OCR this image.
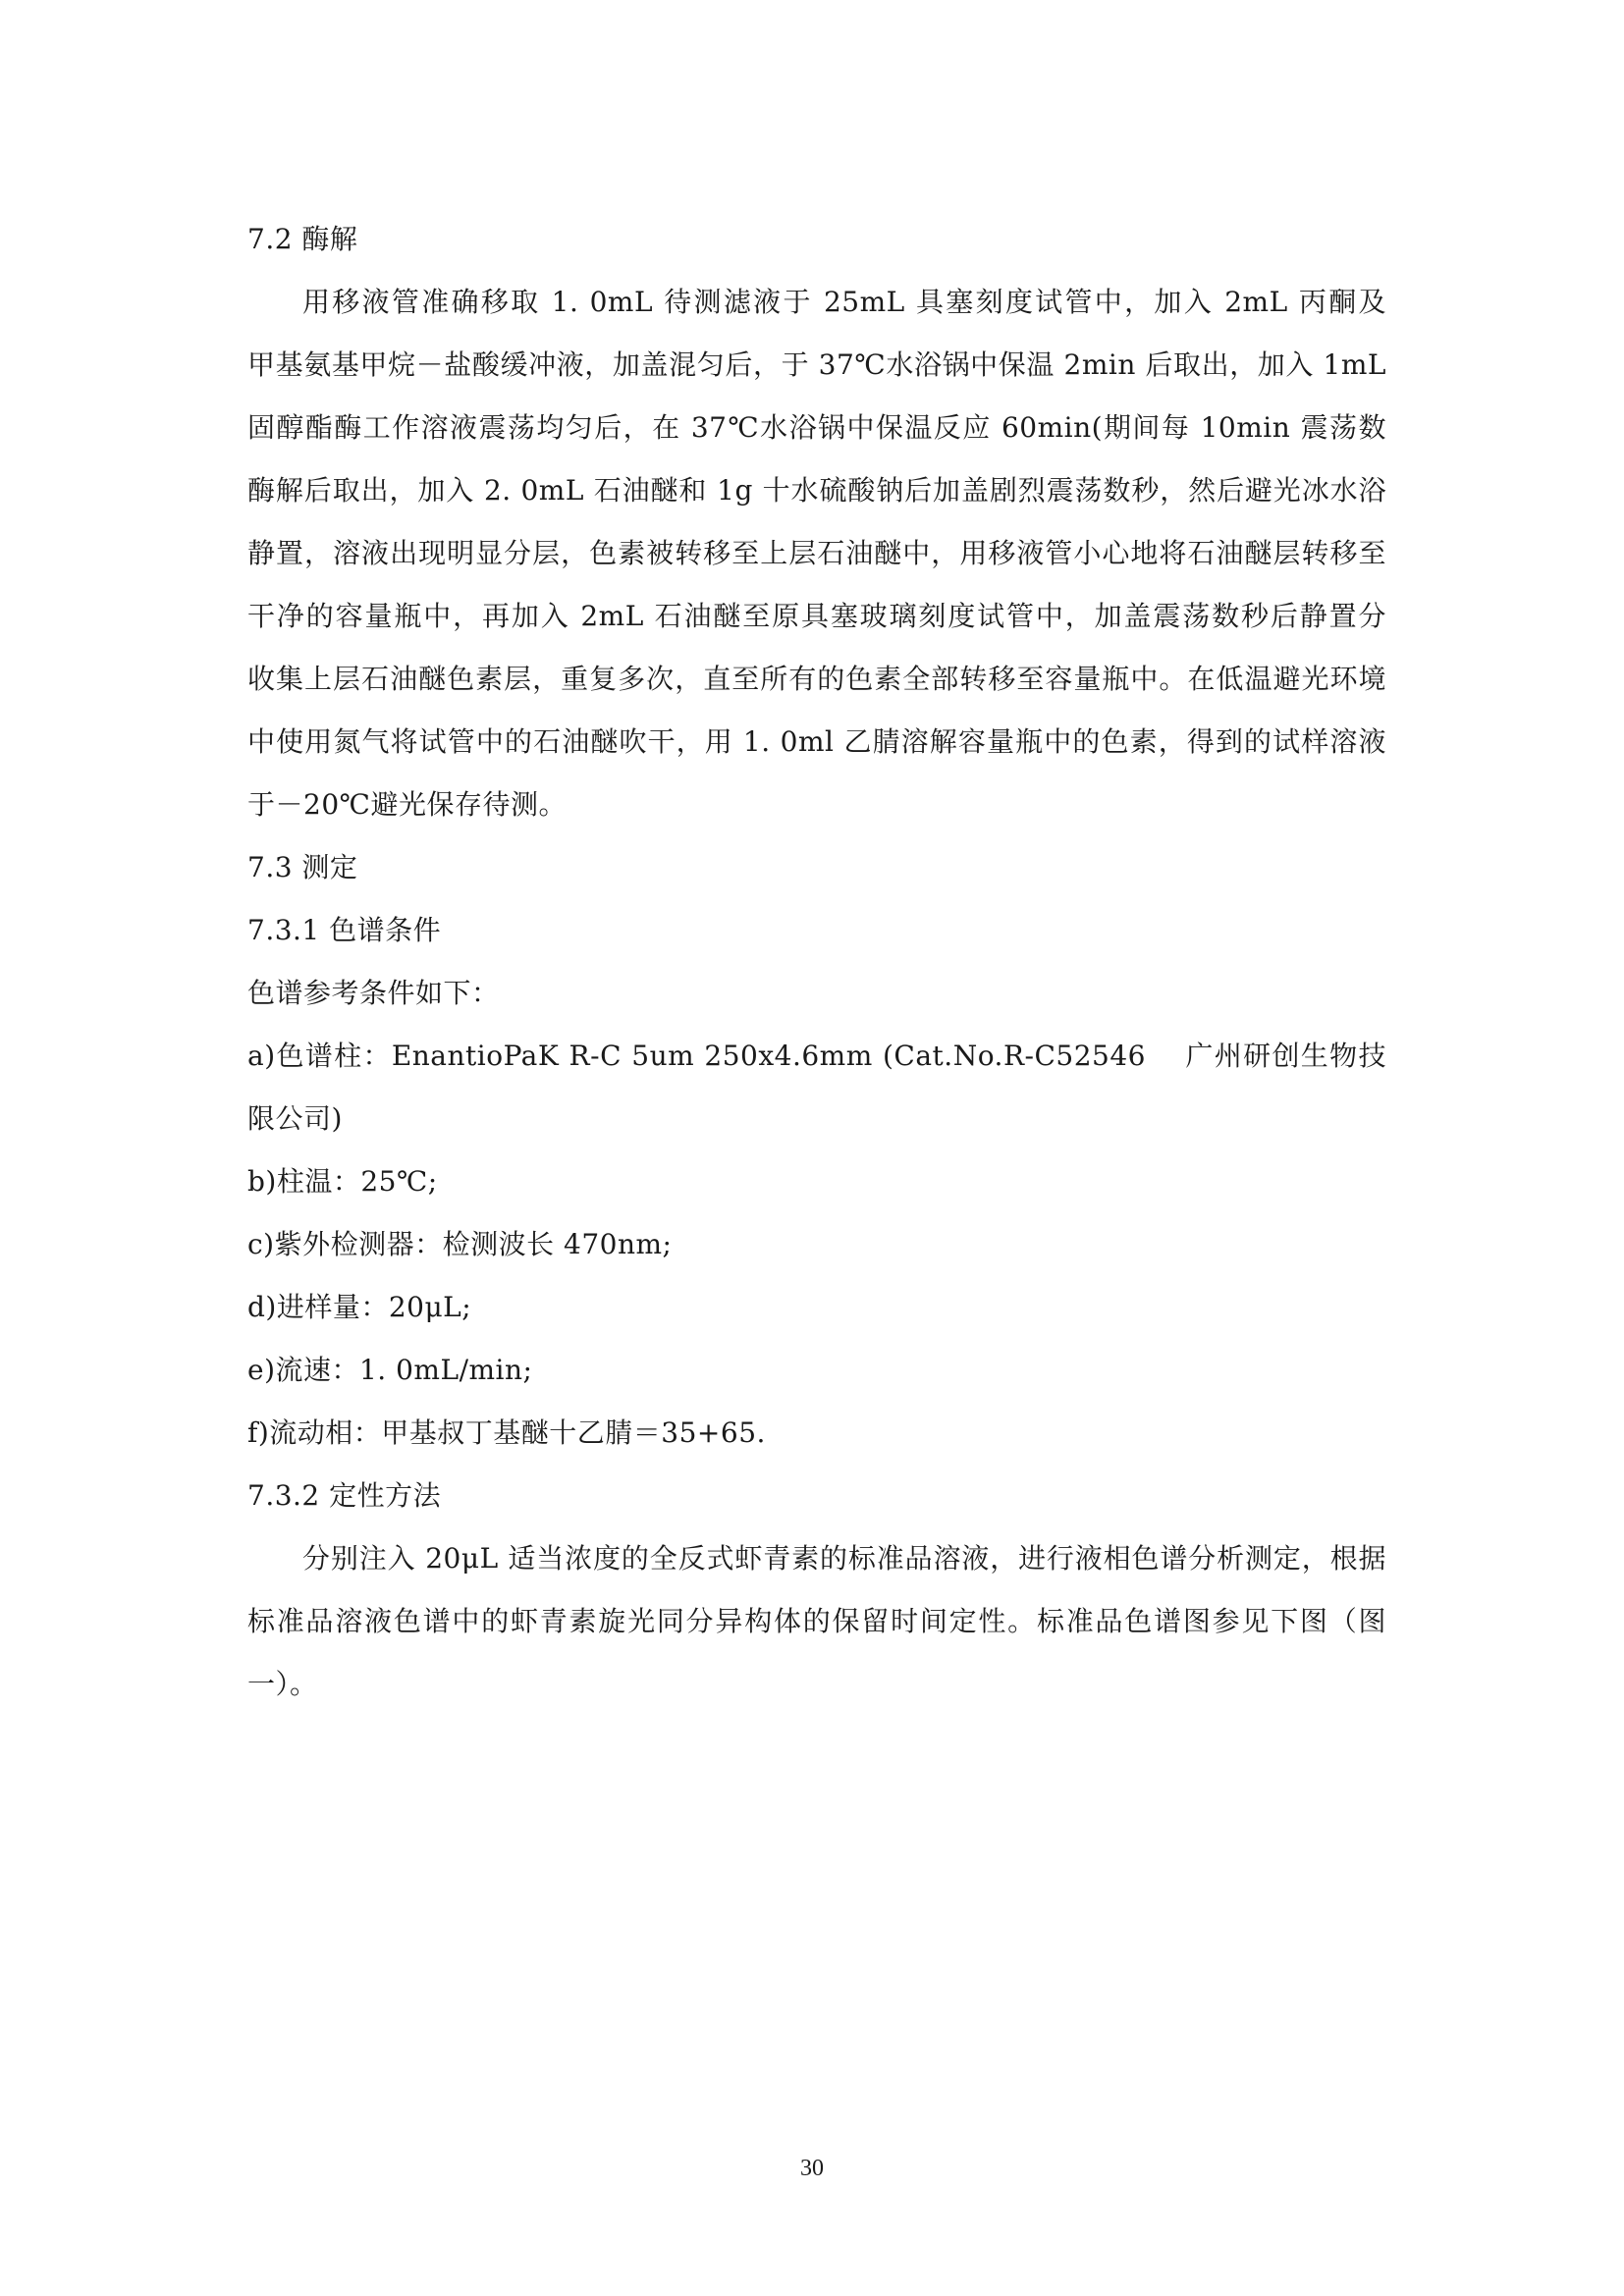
7.2 酶解
用移液管准确移取 1. 0mL 待测滤液于 25mL 具塞刻度试管中，加入 2mL 丙酮及
甲基氨基甲烷－盐酸缓冲液，加盖混匀后，于 37℃水浴锅中保温 2min 后取出，加入 1mL
固醇酯酶工作溶液震荡均匀后，在 37℃水浴锅中保温反应 60min(期间每 10min 震荡数
酶解后取出，加入 2. 0mL 石油醚和 1g 十水硫酸钠后加盖剧烈震荡数秒，然后避光冰水浴
静置，溶液出现明显分层，色素被转移至上层石油醚中，用移液管小心地将石油醚层转移至
干净的容量瓶中，再加入 2mL 石油醚至原具塞玻璃刻度试管中，加盖震荡数秒后静置分
收集上层石油醚色素层，重复多次，直至所有的色素全部转移至容量瓶中。在低温避光环境
中使用氮气将试管中的石油醚吹干，用 1. 0ml 乙腈溶解容量瓶中的色素，得到的试样溶液
于－20℃避光保存待测。
7.3 测定
7.3.1 色谱条件
色谱参考条件如下：
a)色谱柱：EnantioPaK R-C 5um 250x4.6mm (Cat.No.R-C52546　 广州研创生物技
限公司)
b)柱温：25℃;
c)紫外检测器：检测波长 470nm;
d)进样量：20μL;
e)流速：1. 0mL/min;
f)流动相：甲基叔丁基醚十乙腈＝35+65.
7.3.2 定性方法
分别注入 20μL 适当浓度的全反式虾青素的标准品溶液，进行液相色谱分析测定，根据
标准品溶液色谱中的虾青素旋光同分异构体的保留时间定性。标准品色谱图参见下图（图
一）。
30
